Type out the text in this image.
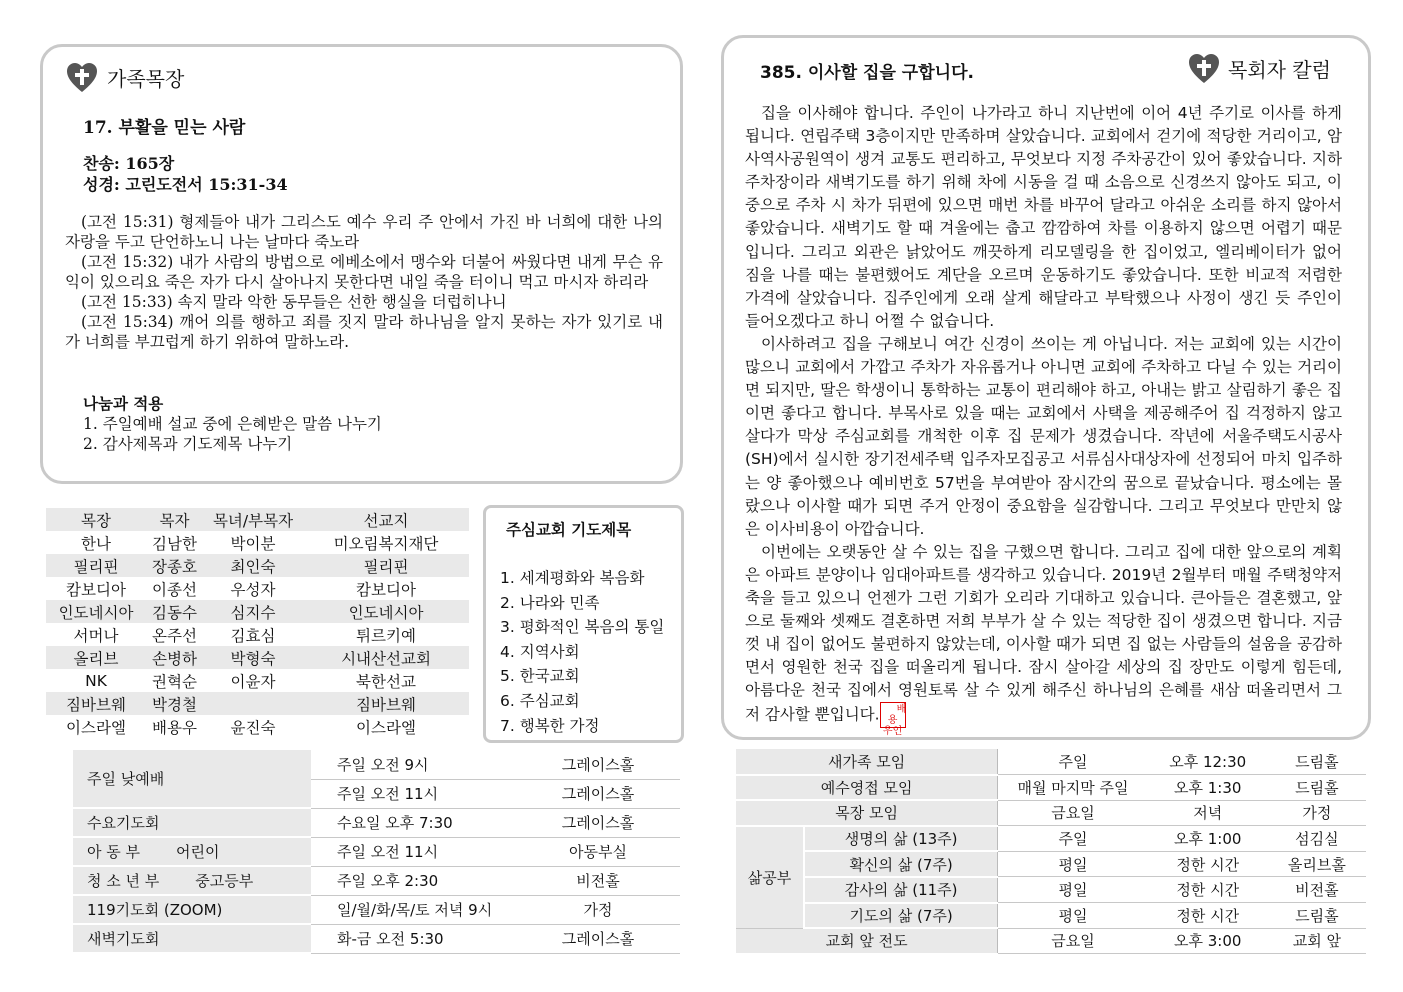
가족목장
17. 부활을 믿는 사람
찬송: 165장
성경: 고린도전서 15:31-34

(고전 15:31) 형제들아 내가 그리스도 예수 우리 주 안에서 가진 바 너희에 대한 나의 자랑을 두고 단언하노니 나는 날마다 죽노라

(고전 15:32) 내가 사람의 방법으로 에베소에서 맹수와 더불어 싸웠다면 내게 무슨 유익이 있으리요 죽은 자가 다시 살아나지 못한다면 내일 죽을 터이니 먹고 마시자 하리라

(고전 15:33) 속지 말라 악한 동무들은 선한 행실을 더럽히나니

(고전 15:34) 깨어 의를 행하고 죄를 짓지 말라 하나님을 알지 못하는 자가 있기로 내가 너희를 부끄럽게 하기 위하여 말하노라.

나눔과 적용
1. 주일예배 설교 중에 은혜받은 말씀 나누기
2. 감사제목과 기도제목 나누기
목장	목자	목녀/부목자	선교지
한나	김남한	박이분	미오림복지재단
필리핀	장종호	최인숙	필리핀
캄보디아	이종선	우성자	캄보디아
인도네시아	김동수	심지수	인도네시아
서머나	온주선	김효심	튀르키예
올리브	손병하	박형숙	시내산선교회
NK	권혁순	이윤자	북한선교
짐바브웨	박경철		짐바브웨
이스라엘	배용우	윤진숙	이스라엘
주심교회 기도제목
1. 세계평화와 복음화
2. 나라와 민족
3. 평화적인 복음의 통일
4. 지역사회
5. 한국교회
6. 주심교회
7. 행복한 가정
주일 낮예배	주일 오전 9시	그레이스홀
	주일 오전 11시	그레이스홀
수요기도회	수요일 오후 7:30	그레이스홀
아 동 부 어린이	주일 오전 11시	아동부실
청 소 년 부 중고등부	주일 오후 2:30	비전홀
119기도회 (ZOOM)	일/월/화/목/토 저녁 9시	가정
새벽기도회	화-금 오전 5:30	그레이스홀
385. 이사할 집을 구합니다.	목회자 칼럼

집을 이사해야 합니다. 주인이 나가라고 하니 지난번에 이어 4년 주기로 이사를 하게 됩니다. 연립주택 3층이지만 만족하며 살았습니다. 교회에서 걷기에 적당한 거리이고, 암사역사공원역이 생겨 교통도 편리하고, 무엇보다 지정 주차공간이 있어 좋았습니다. 지하 주차장이라 새벽기도를 하기 위해 차에 시동을 걸 때 소음으로 신경쓰지 않아도 되고, 이중으로 주차 시 차가 뒤편에 있으면 매번 차를 바꾸어 달라고 아쉬운 소리를 하지 않아서 좋았습니다. 새벽기도 할 때 겨울에는 춥고 깜깜하여 차를 이용하지 않으면 어렵기 때문입니다. 그리고 외관은 낡았어도 깨끗하게 리모델링을 한 집이었고, 엘리베이터가 없어 짐을 나를 때는 불편했어도 계단을 오르며 운동하기도 좋았습니다. 또한 비교적 저렴한 가격에 살았습니다. 집주인에게 오래 살게 해달라고 부탁했으나 사정이 생긴 듯 주인이 들어오겠다고 하니 어쩔 수 없습니다.

이사하려고 집을 구해보니 여간 신경이 쓰이는 게 아닙니다. 저는 교회에 있는 시간이 많으니 교회에서 가깝고 주차가 자유롭거나 아니면 교회에 주차하고 다닐 수 있는 거리이면 되지만, 딸은 학생이니 통학하는 교통이 편리해야 하고, 아내는 밝고 살림하기 좋은 집이면 좋다고 합니다. 부목사로 있을 때는 교회에서 사택을 제공해주어 집 걱정하지 않고 살다가 막상 주심교회를 개척한 이후 집 문제가 생겼습니다. 작년에 서울주택도시공사(SH)에서 실시한 장기전세주택 입주자모집공고 서류심사대상자에 선정되어 마치 입주하는 양 좋아했으나 예비번호 57번을 부여받아 잠시간의 꿈으로 끝났습니다. 평소에는 몰랐으나 이사할 때가 되면 주거 안정이 중요함을 실감합니다. 그리고 무엇보다 만만치 않은 이사비용이 아깝습니다.

이번에는 오랫동안 살 수 있는 집을 구했으면 합니다. 그리고 집에 대한 앞으로의 계획은 아파트 분양이나 임대아파트를 생각하고 있습니다. 2019년 2월부터 매월 주택청약저축을 들고 있으니 언젠가 그런 기회가 오리라 기대하고 있습니다. 큰아들은 결혼했고, 앞으로 둘째와 셋째도 결혼하면 저희 부부가 살 수 있는 적당한 집이 생겼으면 합니다. 지금껏 내 집이 없어도 불편하지 않았는데, 이사할 때가 되면 집 없는 사람들의 설움을 공감하면서 영원한 천국 집을 떠올리게 됩니다. 잠시 살아갈 세상의 집 장만도 이렇게 힘든데, 아름다운 천국 집에서 영원토록 살 수 있게 해주신 하나님의 은혜를 새삼 떠올리면서 그저 감사할 뿐입니다. 배용
우인

새가족 모임		주일	오후 12:30	드림홀
예수영접 모임		매월 마지막 주일	오후 1:30	드림홀
목장 모임		금요일	저녁	가정
삶공부	생명의 삶 (13주)	주일	오후 1:00	섬김실
	확신의 삶 (7주)	평일	정한 시간	올리브홀
	감사의 삶 (11주)	평일	정한 시간	비전홀
	기도의 삶 (7주)	평일	정한 시간	드림홀
교회 앞 전도		금요일	오후 3:00	교회 앞
